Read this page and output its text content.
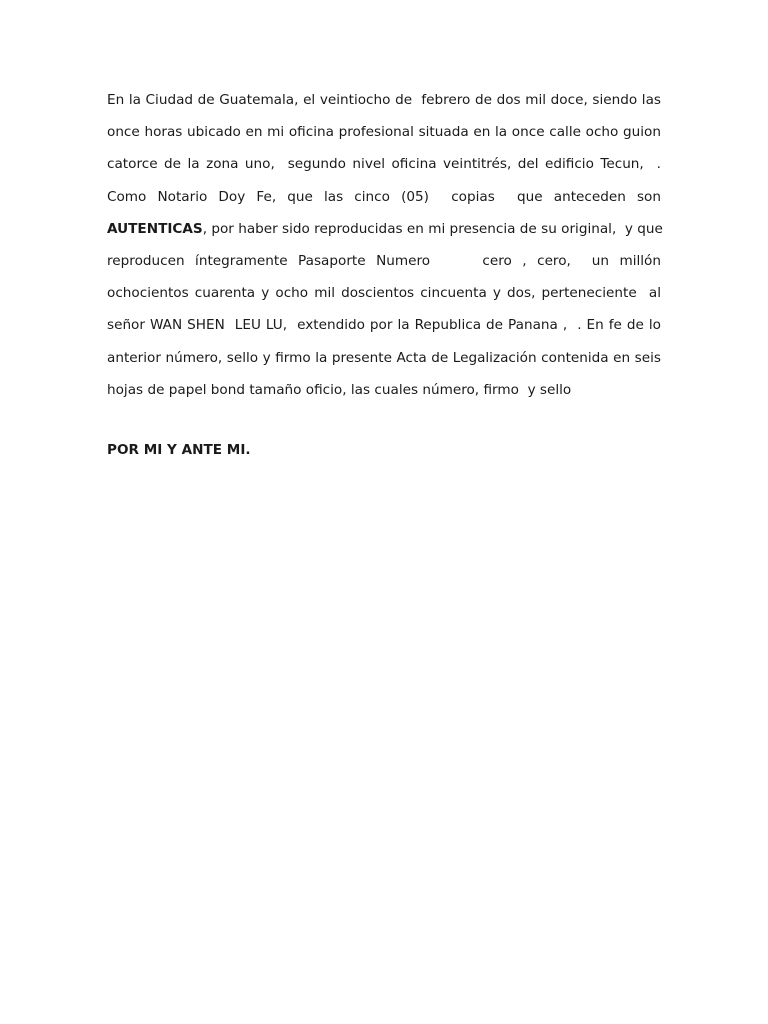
En la Ciudad de Guatemala, el veintiocho de  febrero de dos mil doce, siendo las
once horas ubicado en mi oficina profesional situada en la once calle ocho guion
catorce de la zona uno,  segundo nivel oficina veintitrés, del edificio Tecun,  .
Como Notario Doy Fe, que las cinco (05)  copias  que anteceden son
AUTENTICAS, por haber sido reproducidas en mi presencia de su original,  y que
reproducen íntegramente Pasaporte Numero     cero , cero,  un millón
ochocientos cuarenta y ocho mil doscientos cincuenta y dos, perteneciente  al
señor WAN SHEN  LEU LU,  extendido por la Republica de Panana ,  . En fe de lo
anterior número, sello y firmo la presente Acta de Legalización contenida en seis
hojas de papel bond tamaño oficio, las cuales número, firmo  y sello
POR MI Y ANTE MI.
